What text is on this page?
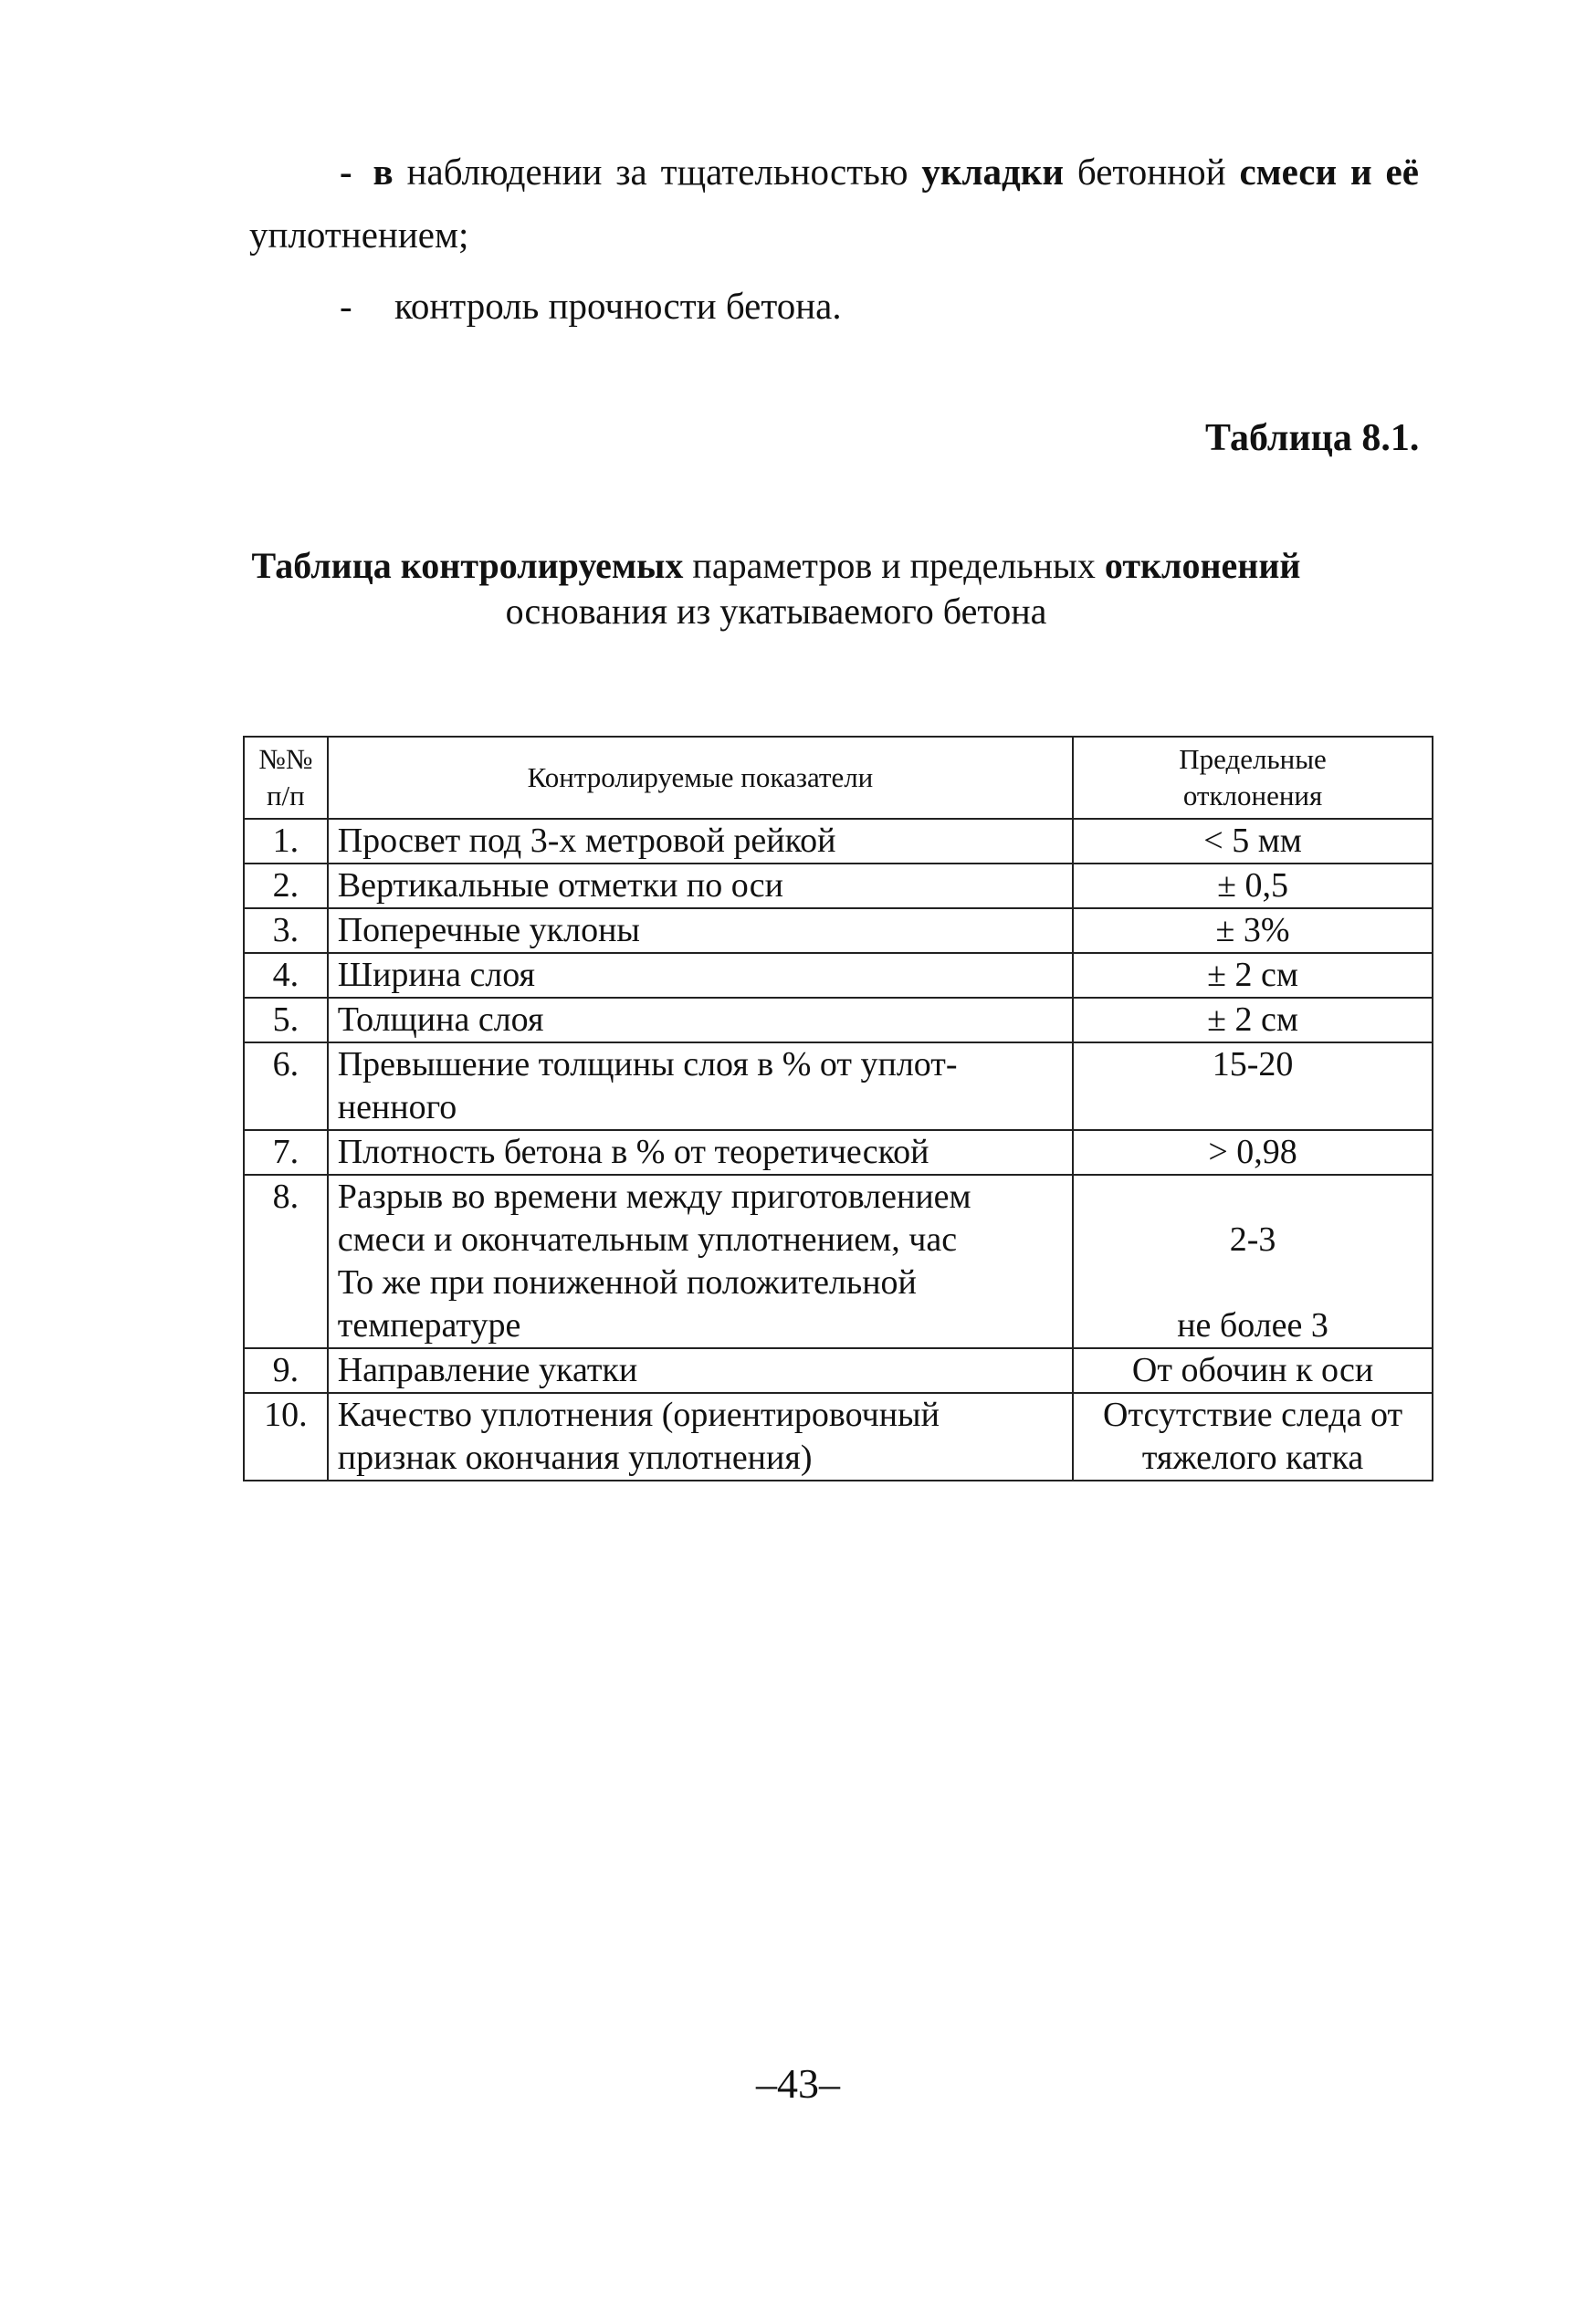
- в наблюдении за тщательностью укладки бетонной смеси и её
уплотнением;
- контроль прочности бетона.
Таблица 8.1.
Таблица контролируемых параметров и предельных отклонений
основания из укатываемого бетона
№№
п/п	Контролируемые показатели	Предельные
отклонения

1.	Просвет под 3-х метровой рейкой	< 5 мм
2.	Вертикальные отметки по оси	± 0,5
3.	Поперечные уклоны	± 3%
4.	Ширина слоя	± 2 см
5.	Толщина слоя	± 2 см
6.	Превышение толщины слоя в % от уплот-
ненного	15-20
7.	Плотность бетона в % от теоретической	> 0,98
8.	Разрыв во времени между приготовлением
смеси и окончательным уплотнением, час
То же при пониженной положительной
температуре	2-3
не более 3

9.	Направление укатки	От обочин к оси
10.	Качество уплотнения (ориентировочный
признак окончания уплотнения)	Отсутствие следа от
тяжелого катка
–43–
